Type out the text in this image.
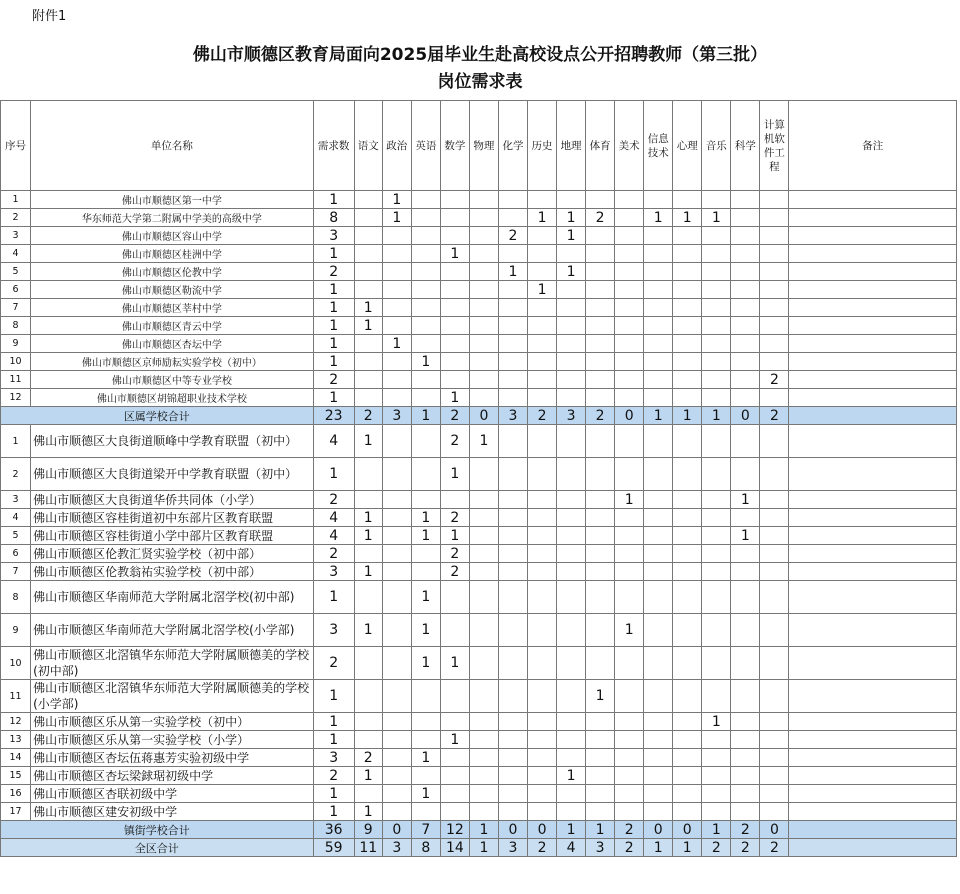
附件1
佛山市顺德区教育局面向2025届毕业生赴高校设点公开招聘教师（第三批）
岗位需求表
序号	单位名称	需求数	语文	政治	英语	数学	物理	化学	历史	地理	体育	美术	信息技术	心理	音乐	科学	计算机软件工程	备注
1	佛山市顺德区第一中学	1		1														
2	华东师范大学第二附属中学美的高级中学	8		1					1	1	2		1	1	1			
3	佛山市顺德区容山中学	3						2		1								
4	佛山市顺德区桂洲中学	1				1												
5	佛山市顺德区伦教中学	2						1		1								
6	佛山市顺德区勒流中学	1							1									
7	佛山市顺德区莘村中学	1	1															
8	佛山市顺德区青云中学	1	1															
9	佛山市顺德区杏坛中学	1		1														
10	佛山市顺德区京师励耘实验学校（初中）	1			1													
11	佛山市顺德区中等专业学校	2															2	
12	佛山市顺德区胡锦超职业技术学校	1				1												
区属学校合计		23	2	3	1	2	0	3	2	3	2	0	1	1	1	0	2	
1	佛山市顺德区大良街道顺峰中学教育联盟（初中）	4	1			2	1											
2	佛山市顺德区大良街道梁开中学教育联盟（初中）	1				1												
3	佛山市顺德区大良街道华侨共同体（小学）	2										1				1		
4	佛山市顺德区容桂街道初中东部片区教育联盟	4	1		1	2												
5	佛山市顺德区容桂街道小学中部片区教育联盟	4	1		1	1										1		
6	佛山市顺德区伦教汇贤实验学校（初中部）	2				2												
7	佛山市顺德区伦教翁祐实验学校（初中部）	3	1			2												
8	佛山市顺德区华南师范大学附属北滘学校(初中部)	1			1													
9	佛山市顺德区华南师范大学附属北滘学校(小学部)	3	1		1							1						
10	佛山市顺德区北滘镇华东师范大学附属顺德美的学校(初中部)	2			1	1												
11	佛山市顺德区北滘镇华东师范大学附属顺德美的学校(小学部)	1									1							
12	佛山市顺德区乐从第一实验学校（初中）	1													1			
13	佛山市顺德区乐从第一实验学校（小学）	1				1												
14	佛山市顺德区杏坛伍蒋惠芳实验初级中学	3	2		1													
15	佛山市顺德区杏坛梁銶琚初级中学	2	1							1								
16	佛山市顺德区杏联初级中学	1			1													
17	佛山市顺德区建安初级中学	1	1															
镇街学校合计		36	9	0	7	12	1	0	0	1	1	2	0	0	1	2	0	
全区合计		59	11	3	8	14	1	3	2	4	3	2	1	1	2	2	2	
